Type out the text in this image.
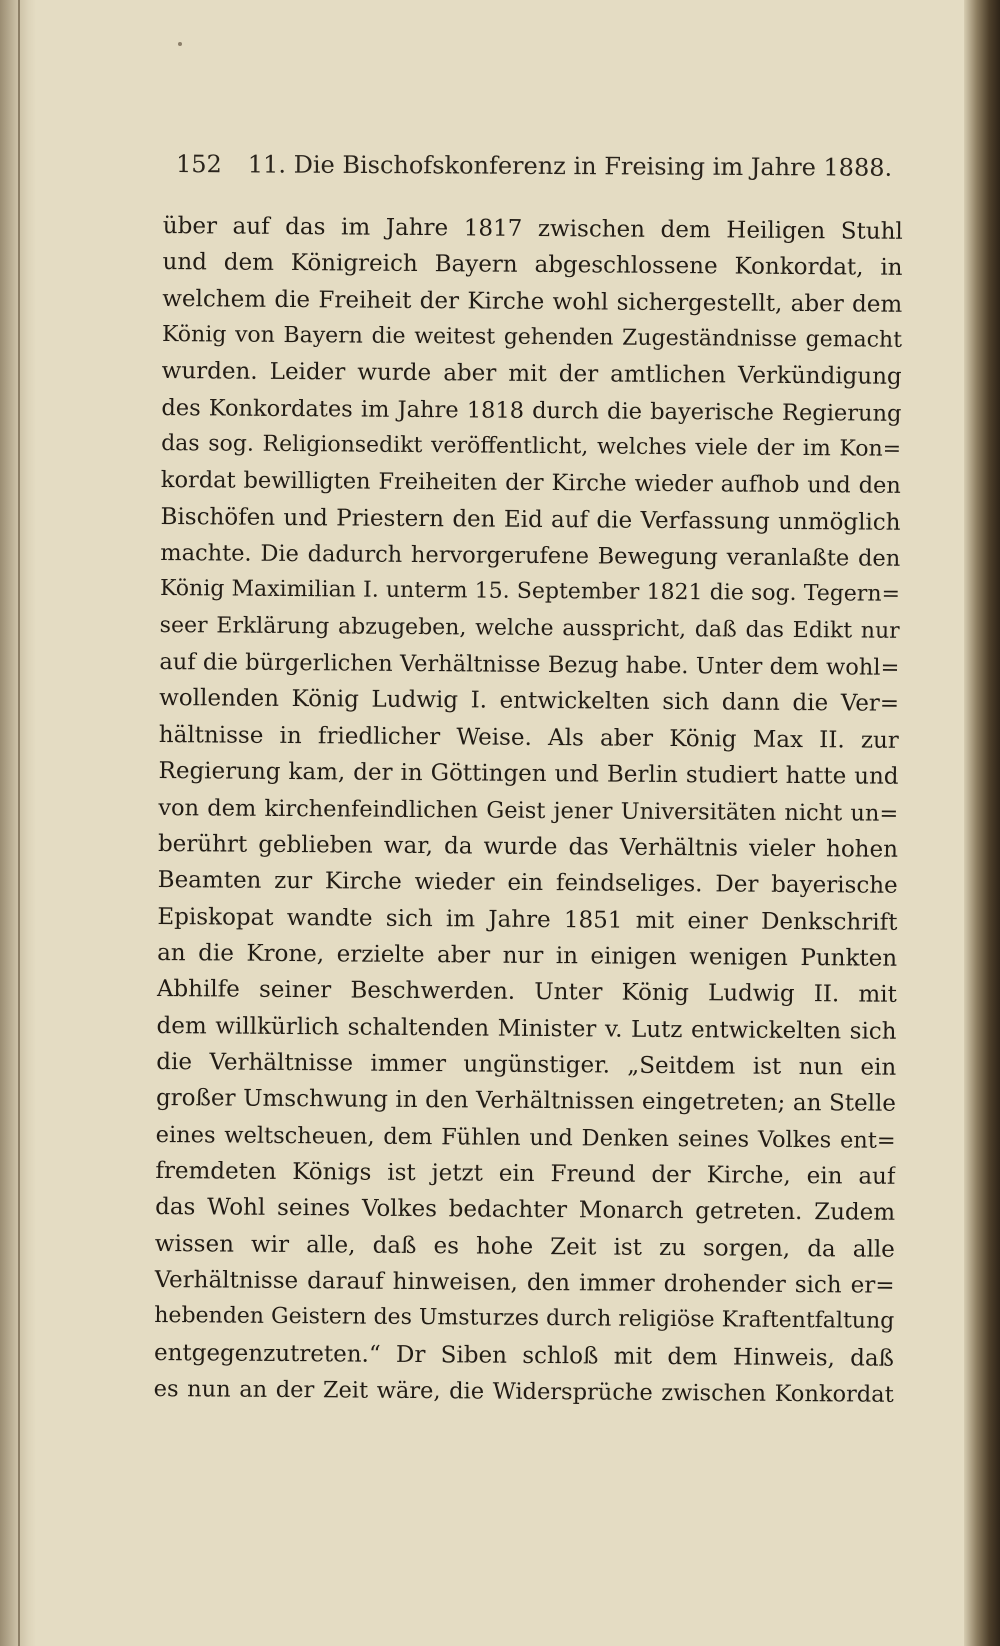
152 11. Die Bischofskonferenz in Freising im Jahre 1888.
über auf das im Jahre 1817 zwischen dem Heiligen Stuhl
und dem Königreich Bayern abgeschlossene Konkordat, in
welchem die Freiheit der Kirche wohl sichergestellt, aber dem
König von Bayern die weitest gehenden Zugeständnisse gemacht
wurden. Leider wurde aber mit der amtlichen Verkündigung
des Konkordates im Jahre 1818 durch die bayerische Regierung
das sog. Religionsedikt veröffentlicht, welches viele der im Kon=
kordat bewilligten Freiheiten der Kirche wieder aufhob und den
Bischöfen und Priestern den Eid auf die Verfassung unmöglich
machte. Die dadurch hervorgerufene Bewegung veranlaßte den
König Maximilian I. unterm 15. September 1821 die sog. Tegern=
seer Erklärung abzugeben, welche ausspricht, daß das Edikt nur
auf die bürgerlichen Verhältnisse Bezug habe. Unter dem wohl=
wollenden König Ludwig I. entwickelten sich dann die Ver=
hältnisse in friedlicher Weise. Als aber König Max II. zur
Regierung kam, der in Göttingen und Berlin studiert hatte und
von dem kirchenfeindlichen Geist jener Universitäten nicht un=
berührt geblieben war, da wurde das Verhältnis vieler hohen
Beamten zur Kirche wieder ein feindseliges. Der bayerische
Episkopat wandte sich im Jahre 1851 mit einer Denkschrift
an die Krone, erzielte aber nur in einigen wenigen Punkten
Abhilfe seiner Beschwerden. Unter König Ludwig II. mit
dem willkürlich schaltenden Minister v. Lutz entwickelten sich
die Verhältnisse immer ungünstiger. „Seitdem ist nun ein
großer Umschwung in den Verhältnissen eingetreten; an Stelle
eines weltscheuen, dem Fühlen und Denken seines Volkes ent=
fremdeten Königs ist jetzt ein Freund der Kirche, ein auf
das Wohl seines Volkes bedachter Monarch getreten. Zudem
wissen wir alle, daß es hohe Zeit ist zu sorgen, da alle
Verhältnisse darauf hinweisen, den immer drohender sich er=
hebenden Geistern des Umsturzes durch religiöse Kraftentfaltung
entgegenzutreten.“ Dr Siben schloß mit dem Hinweis, daß
es nun an der Zeit wäre, die Widersprüche zwischen Konkordat
